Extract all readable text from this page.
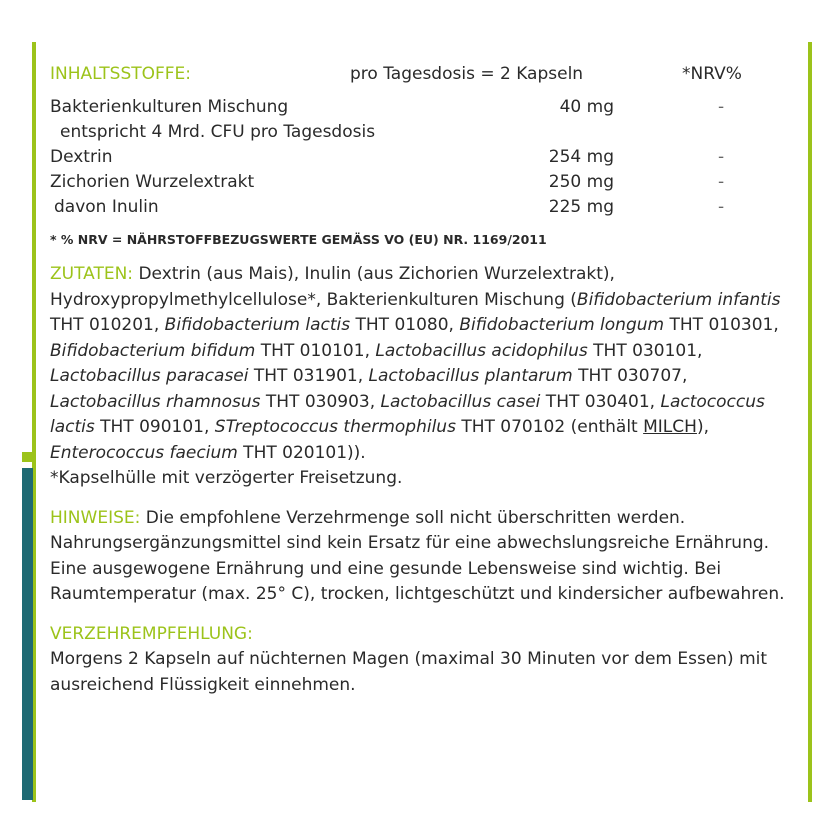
INHALTSSTOFFE:	pro Tagesdosis = 2 Kapseln	*NRV%
Bakterienkulturen Mischung	40 mg	-
entspricht 4 Mrd. CFU pro Tagesdosis
Dextrin	254 mg	-
Zichorien Wurzelextrakt	250 mg	-
davon Inulin	225 mg	-
* % NRV = NÄHRSTOFFBEZUGSWERTE GEMÄSS VO (EU) NR. 1169/2011

ZUTATEN: Dextrin (aus Mais), Inulin (aus Zichorien Wurzelextrakt), Hydroxypropylmethylcellulose*, Bakterienkulturen Mischung (Bifidobacterium infantis THT 010201, Bifidobacterium lactis THT 01080, Bifidobacterium longum THT 010301, Bifidobacterium bifidum THT 010101, Lactobacillus acidophilus THT 030101, Lactobacillus paracasei THT 031901, Lactobacillus plantarum THT 030707, Lactobacillus rhamnosus THT 030903, Lactobacillus casei THT 030401, Lactococcus lactis THT 090101, STreptococcus thermophilus THT 070102 (enthält MILCH), Enterococcus faecium THT 020101)).
*Kapselhülle mit verzögerter Freisetzung.

HINWEISE: Die empfohlene Verzehrmenge soll nicht überschritten werden. Nahrungsergänzungsmittel sind kein Ersatz für eine abwechslungsreiche Ernährung. Eine ausgewogene Ernährung und eine gesunde Lebensweise sind wichtig. Bei Raumtemperatur (max. 25° C), trocken, lichtgeschützt und kindersicher aufbewahren.

VERZEHREMPFEHLUNG:
Morgens 2 Kapseln auf nüchternen Magen (maximal 30 Minuten vor dem Essen) mit ausreichend Flüssigkeit einnehmen.
